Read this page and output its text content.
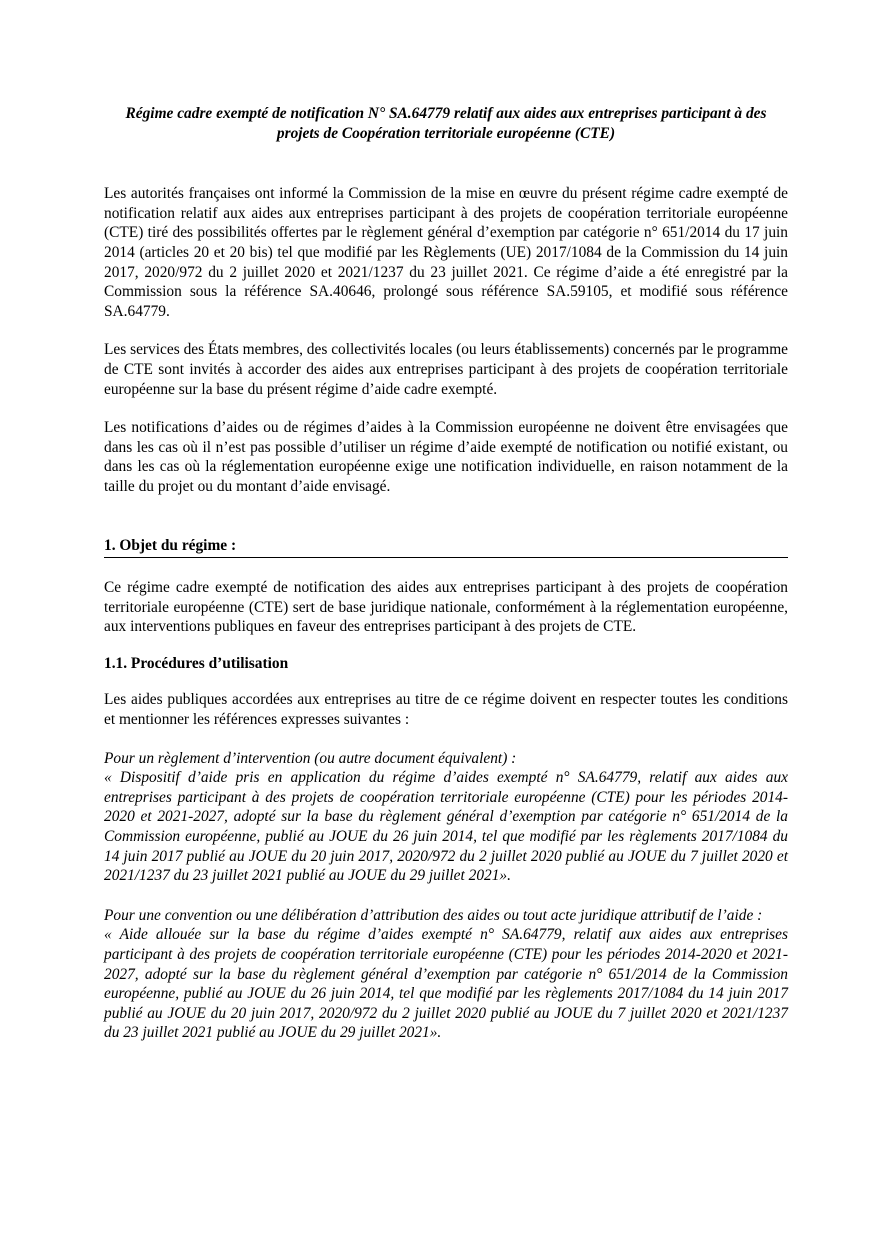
Régime cadre exempté de notification N° SA.64779 relatif aux aides aux entreprises participant à des projets de Coopération territoriale européenne (CTE)

Les autorités françaises ont informé la Commission de la mise en œuvre du présent régime cadre exempté de notification relatif aux aides aux entreprises participant à des projets de coopération territoriale européenne (CTE) tiré des possibilités offertes par le règlement général d’exemption par catégorie n° 651/2014 du 17 juin 2014 (articles 20 et 20 bis) tel que modifié par les Règlements (UE) 2017/1084 de la Commission du 14 juin 2017, 2020/972 du 2 juillet 2020 et 2021/1237 du 23 juillet 2021. Ce régime d’aide a été enregistré par la Commission sous la référence SA.40646, prolongé sous référence SA.59105, et modifié sous référence SA.64779.

Les services des États membres, des collectivités locales (ou leurs établissements) concernés par le programme de CTE sont invités à accorder des aides aux entreprises participant à des projets de coopération territoriale européenne sur la base du présent régime d’aide cadre exempté.

Les notifications d’aides ou de régimes d’aides à la Commission européenne ne doivent être envisagées que dans les cas où il n’est pas possible d’utiliser un régime d’aide exempté de notification ou notifié existant, ou dans les cas où la réglementation européenne exige une notification individuelle, en raison notamment de la taille du projet ou du montant d’aide envisagé.

1. Objet du régime :

Ce régime cadre exempté de notification des aides aux entreprises participant à des projets de coopération territoriale européenne (CTE) sert de base juridique nationale, conformément à la réglementation européenne, aux interventions publiques en faveur des entreprises participant à des projets de CTE.

1.1. Procédures d’utilisation

Les aides publiques accordées aux entreprises au titre de ce régime doivent en respecter toutes les conditions et mentionner les références expresses suivantes :

Pour un règlement d’intervention (ou autre document équivalent) :

« Dispositif d’aide pris en application du régime d’aides exempté n° SA.64779, relatif aux aides aux entreprises participant à des projets de coopération territoriale européenne (CTE) pour les périodes 2014-2020 et 2021-2027, adopté sur la base du règlement général d’exemption par catégorie n° 651/2014 de la Commission européenne, publié au JOUE du 26 juin 2014, tel que modifié par les règlements 2017/1084 du 14 juin 2017 publié au JOUE du 20 juin 2017, 2020/972 du 2 juillet 2020 publié au JOUE du 7 juillet 2020 et 2021/1237 du 23 juillet 2021 publié au JOUE du 29 juillet 2021».

Pour une convention ou une délibération d’attribution des aides ou tout acte juridique attributif de l’aide :

« Aide allouée sur la base du régime d’aides exempté n° SA.64779, relatif aux aides aux entreprises participant à des projets de coopération territoriale européenne (CTE) pour les périodes 2014-2020 et 2021-2027, adopté sur la base du règlement général d’exemption par catégorie n° 651/2014 de la Commission européenne, publié au JOUE du 26 juin 2014, tel que modifié par les règlements 2017/1084 du 14 juin 2017 publié au JOUE du 20 juin 2017, 2020/972 du 2 juillet 2020 publié au JOUE du 7 juillet 2020 et 2021/1237 du 23 juillet 2021 publié au JOUE du 29 juillet 2021».
